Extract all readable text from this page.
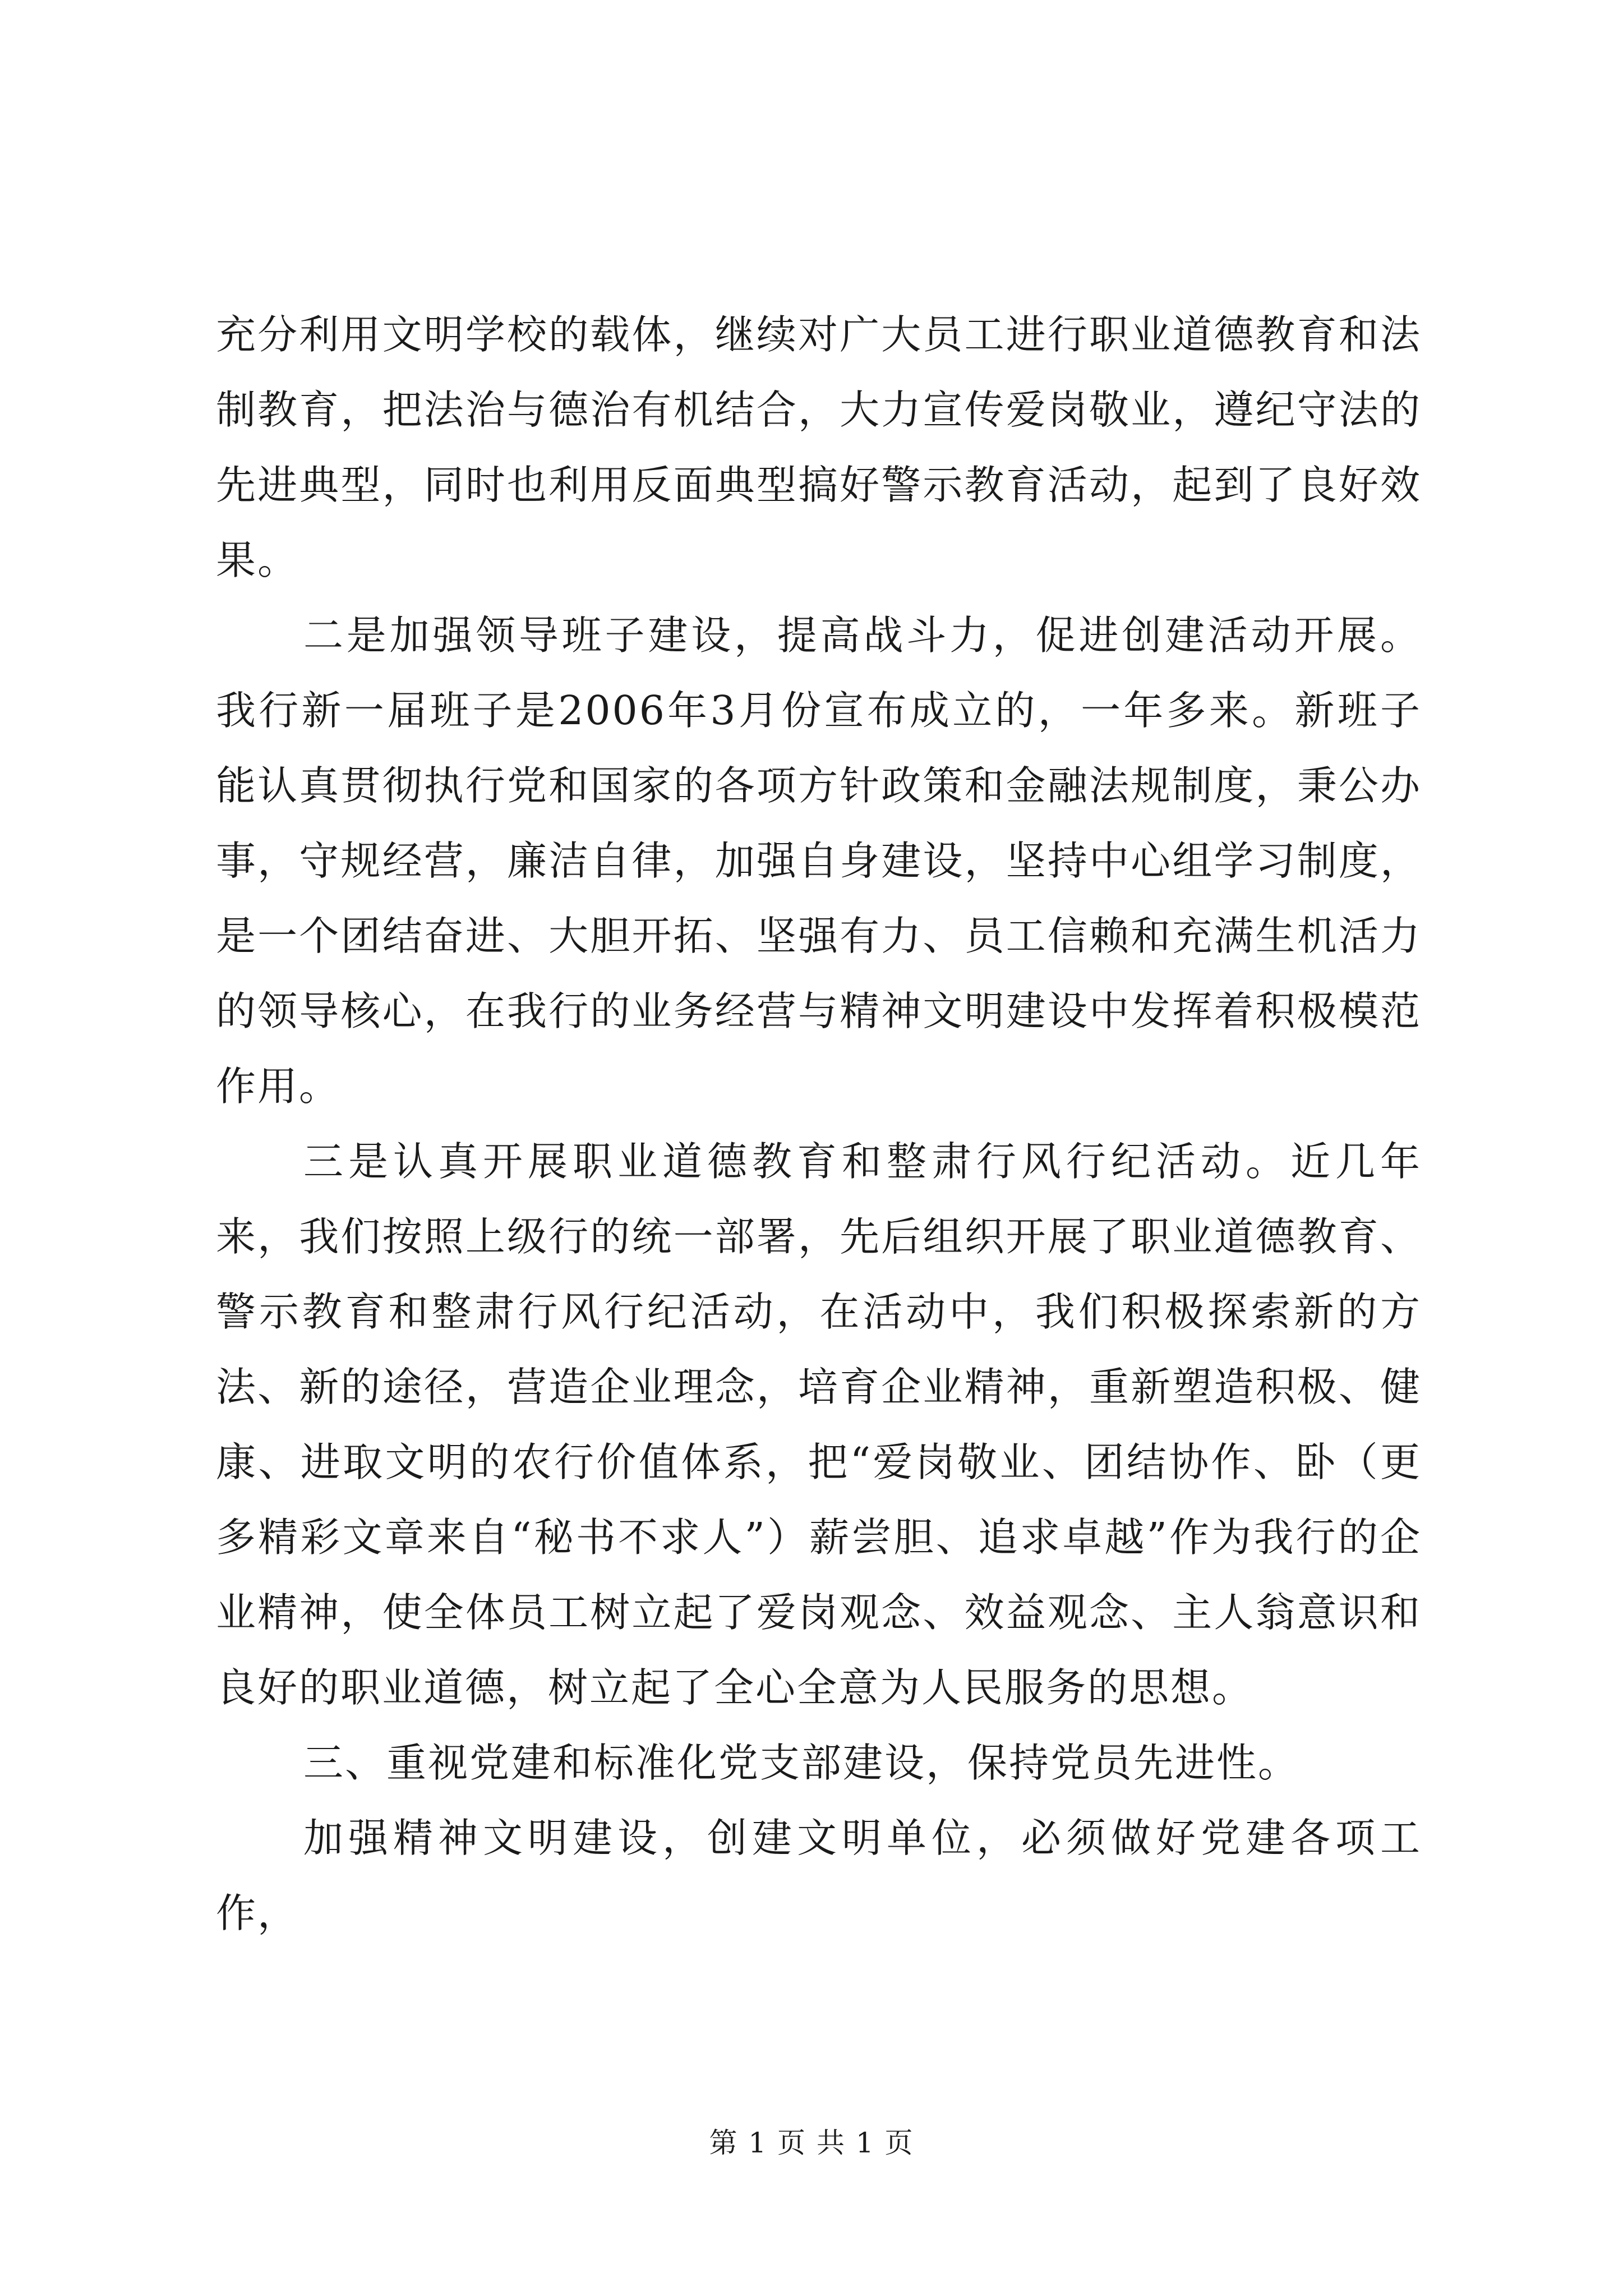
充分利用文明学校的载体，继续对广大员工进行职业道德教育和法制教育，把法治与德治有机结合，大力宣传爱岗敬业，遵纪守法的先进典型，同时也利用反面典型搞好警示教育活动，起到了良好效果。

二是加强领导班子建设，提高战斗力，促进创建活动开展。我行新一届班子是2006年3月份宣布成立的，一年多来。新班子能认真贯彻执行党和国家的各项方针政策和金融法规制度，秉公办事，守规经营，廉洁自律，加强自身建设，坚持中心组学习制度，是一个团结奋进、大胆开拓、坚强有力、员工信赖和充满生机活力的领导核心，在我行的业务经营与精神文明建设中发挥着积极模范作用。

三是认真开展职业道德教育和整肃行风行纪活动。近几年来，我们按照上级行的统一部署，先后组织开展了职业道德教育、警示教育和整肃行风行纪活动，在活动中，我们积极探索新的方法、新的途径，营造企业理念，培育企业精神，重新塑造积极、健康、进取文明的农行价值体系，把“爱岗敬业、团结协作、卧（更多精彩文章来自“秘书不求人”）薪尝胆、追求卓越”作为我行的企业精神，使全体员工树立起了爱岗观念、效益观念、主人翁意识和良好的职业道德，树立起了全心全意为人民服务的思想。

三、重视党建和标准化党支部建设，保持党员先进性。

加强精神文明建设，创建文明单位，必须做好党建各项工作，

第 1 页 共 1 页
